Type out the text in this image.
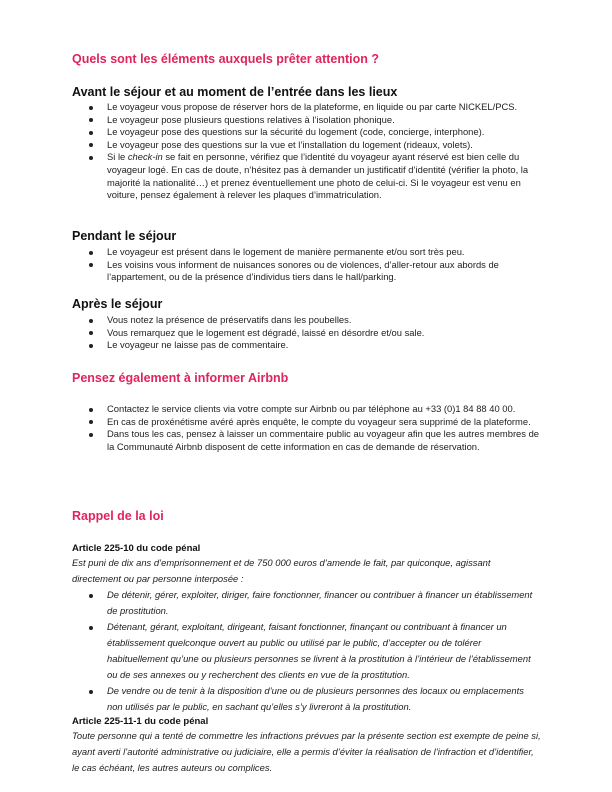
Quels sont les éléments auxquels prêter attention ?
Avant le séjour et au moment de l’entrée dans les lieux
Le voyageur vous propose de réserver hors de la plateforme, en liquide ou par carte NICKEL/PCS.
Le voyageur pose plusieurs questions relatives à l’isolation phonique.
Le voyageur pose des questions sur la sécurité du logement (code, concierge, interphone).
Le voyageur pose des questions sur la vue et l’installation du logement (rideaux, volets).
Si le check-in se fait en personne, vérifiez que l’identité du voyageur ayant réservé est bien celle du voyageur logé. En cas de doute, n’hésitez pas à demander un justificatif d’identité (vérifier la photo, la majorité la nationalité…) et prenez éventuellement une photo de celui-ci. Si le voyageur est venu en voiture, pensez également à relever les plaques d’immatriculation.
Pendant le séjour
Le voyageur est présent dans le logement de manière permanente et/ou sort très peu.
Les voisins vous informent de nuisances sonores ou de violences, d’aller-retour aux abords de l’appartement, ou de la présence d’individus tiers dans le hall/parking.
Après le séjour
Vous notez la présence de préservatifs dans les poubelles.
Vous remarquez que le logement est dégradé, laissé en désordre et/ou sale.
Le voyageur ne laisse pas de commentaire.
Pensez également à informer Airbnb
Contactez le service clients via votre compte sur Airbnb ou par téléphone au +33 (0)1 84 88 40 00.
En cas de proxénétisme avéré après enquête, le compte du voyageur sera supprimé de la plateforme.
Dans tous les cas, pensez à laisser un commentaire public au voyageur afin que les autres membres de la Communauté Airbnb disposent de cette information en cas de demande de réservation.
Rappel de la loi
Article 225-10 du code pénal

Est puni de dix ans d’emprisonnement et de 750 000 euros d’amende le fait, par quiconque, agissant directement ou par personne interposée :

De détenir, gérer, exploiter, diriger, faire fonctionner, financer ou contribuer à financer un établissement de prostitution.
Détenant, gérant, exploitant, dirigeant, faisant fonctionner, finançant ou contribuant à financer un établissement quelconque ouvert au public ou utilisé par le public, d’accepter ou de tolérer habituellement qu’une ou plusieurs personnes se livrent à la prostitution à l’intérieur de l’établissement ou de ses annexes ou y recherchent des clients en vue de la prostitution.
De vendre ou de tenir à la disposition d’une ou de plusieurs personnes des locaux ou emplacements non utilisés par le public, en sachant qu’elles s’y livreront à la prostitution.
Article 225-11-1 du code pénal

Toute personne qui a tenté de commettre les infractions prévues par la présente section est exempte de peine si, ayant averti l’autorité administrative ou judiciaire, elle a permis d’éviter la réalisation de l’infraction et d’identifier, le cas échéant, les autres auteurs ou complices.
